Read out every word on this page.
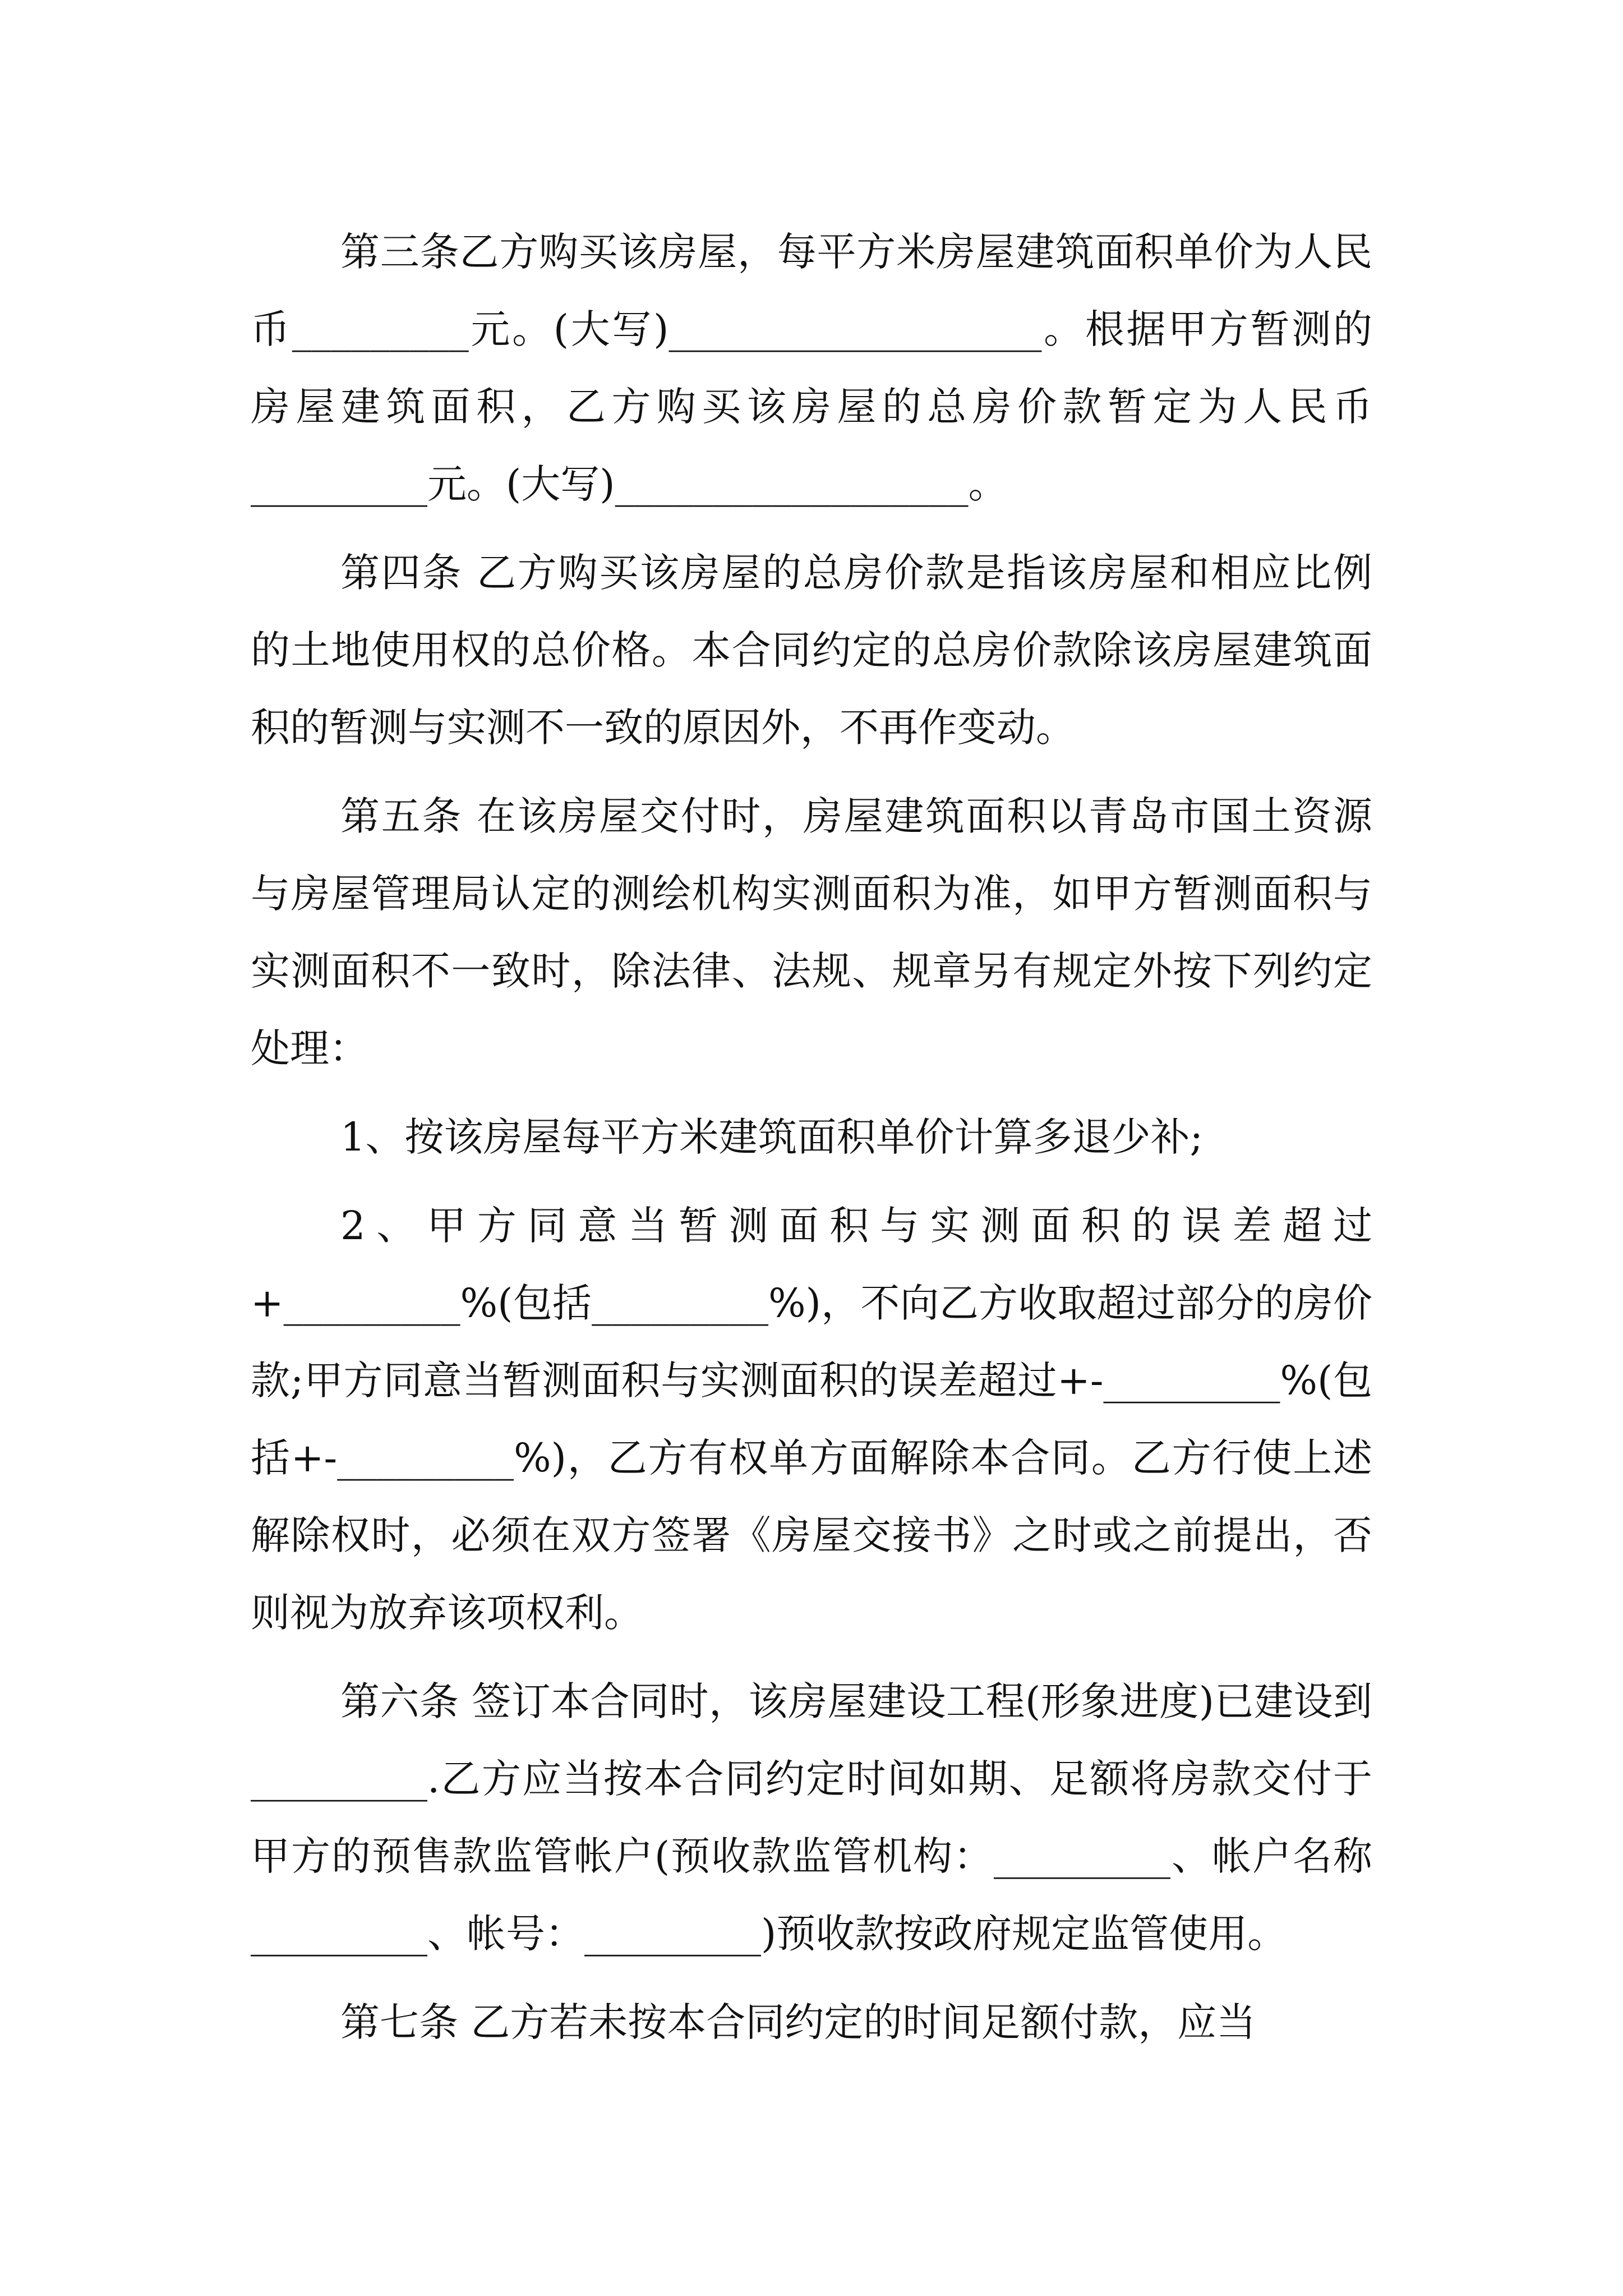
第三条乙方购买该房屋，每平方米房屋建筑面积单价为人民币_________元。(大写)___________________。根据甲方暂测的房屋建筑面积，乙方购买该房屋的总房价款暂定为人民币_________元。(大写)__________________。

第四条 乙方购买该房屋的总房价款是指该房屋和相应比例的土地使用权的总价格。本合同约定的总房价款除该房屋建筑面积的暂测与实测不一致的原因外，不再作变动。

第五条 在该房屋交付时，房屋建筑面积以青岛市国土资源与房屋管理局认定的测绘机构实测面积为准，如甲方暂测面积与实测面积不一致时，除法律、法规、规章另有规定外按下列约定处理：

1、按该房屋每平方米建筑面积单价计算多退少补;

2、甲方同意当暂测面积与实测面积的误差超过+_________%(包括_________%)，不向乙方收取超过部分的房价款;甲方同意当暂测面积与实测面积的误差超过+-_________%(包括+-_________%)，乙方有权单方面解除本合同。乙方行使上述解除权时，必须在双方签署《房屋交接书》之时或之前提出，否则视为放弃该项权利。

第六条 签订本合同时，该房屋建设工程(形象进度)已建设到_________.乙方应当按本合同约定时间如期、足额将房款交付于甲方的预售款监管帐户(预收款监管机构：_________、帐户名称_________、帐号：_________)预收款按政府规定监管使用。

第七条 乙方若未按本合同约定的时间足额付款，应当
